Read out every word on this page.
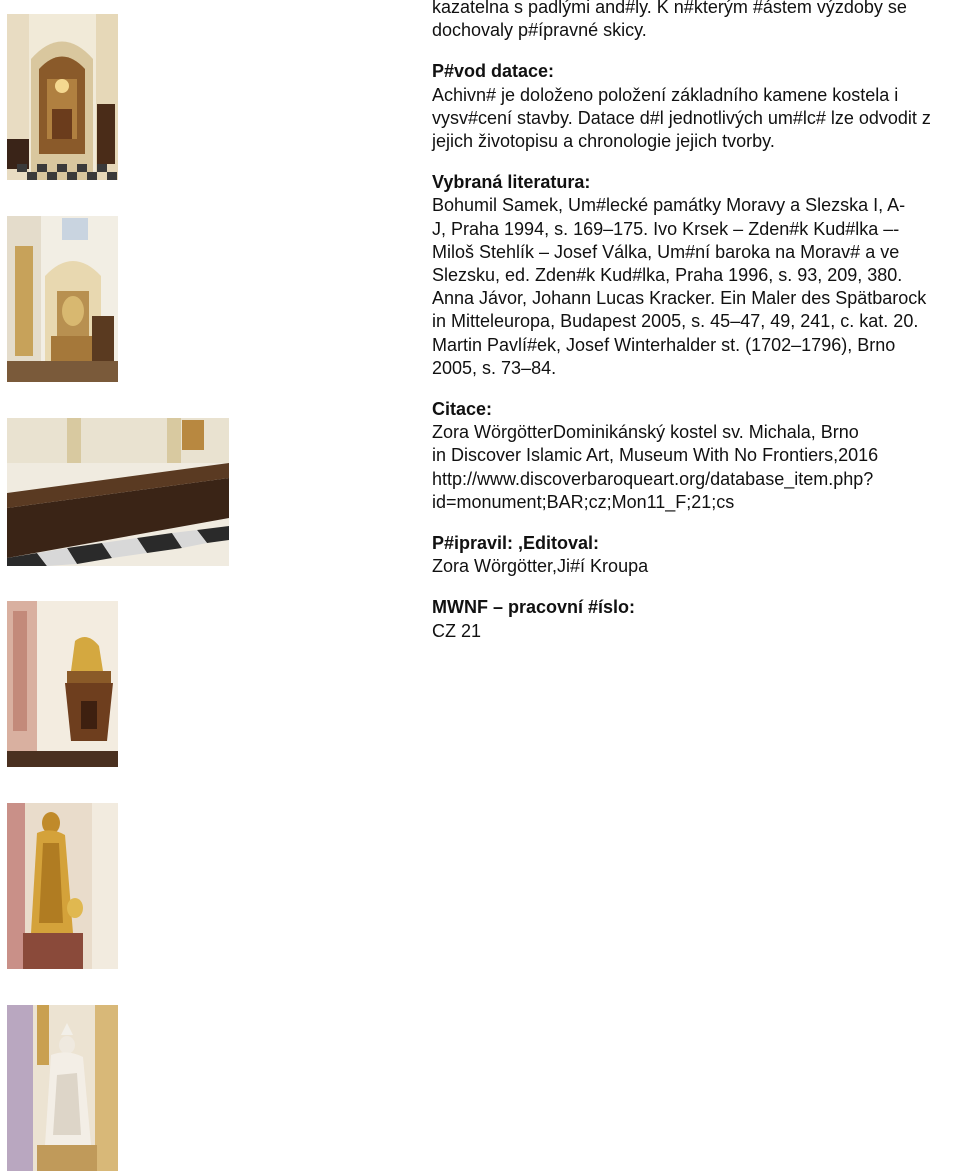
kazatelna s padlými and#ly. K n#kterým #ástem výzdoby se
dochovaly p#ípravné skicy.

P#vod datace:

Achivn# je doloženo položení základního kamene kostela i
vysv#cení stavby. Datace d#l jednotlivých um#lc# lze odvodit z
jejich životopisu a chronologie jejich tvorby.

Vybraná literatura:

Bohumil Samek, Um#lecké památky Moravy a Slezska I, A-
J, Praha 1994, s. 169–175. Ivo Krsek – Zden#k Kud#lka –-
Miloš Stehlík – Josef Válka, Um#ní baroka na Morav# a ve
Slezsku, ed. Zden#k Kud#lka, Praha 1996, s. 93, 209, 380.
Anna Jávor, Johann Lucas Kracker. Ein Maler des Spätbarock
in Mitteleuropa, Budapest 2005, s. 45–47, 49, 241, c. kat. 20.
Martin Pavlí#ek, Josef Winterhalder st. (1702–1796), Brno
2005, s. 73–84.

Citace:

Zora WörgötterDominikánský kostel sv. Michala, Brno
in Discover Islamic Art, Museum With No Frontiers,2016
http://www.discoverbaroqueart.org/database_item.php?
id=monument;BAR;cz;Mon11_F;21;cs

P#ipravil: ,Editoval:

Zora Wörgötter,Ji#í Kroupa

MWNF – pracovní #íslo:

CZ 21
